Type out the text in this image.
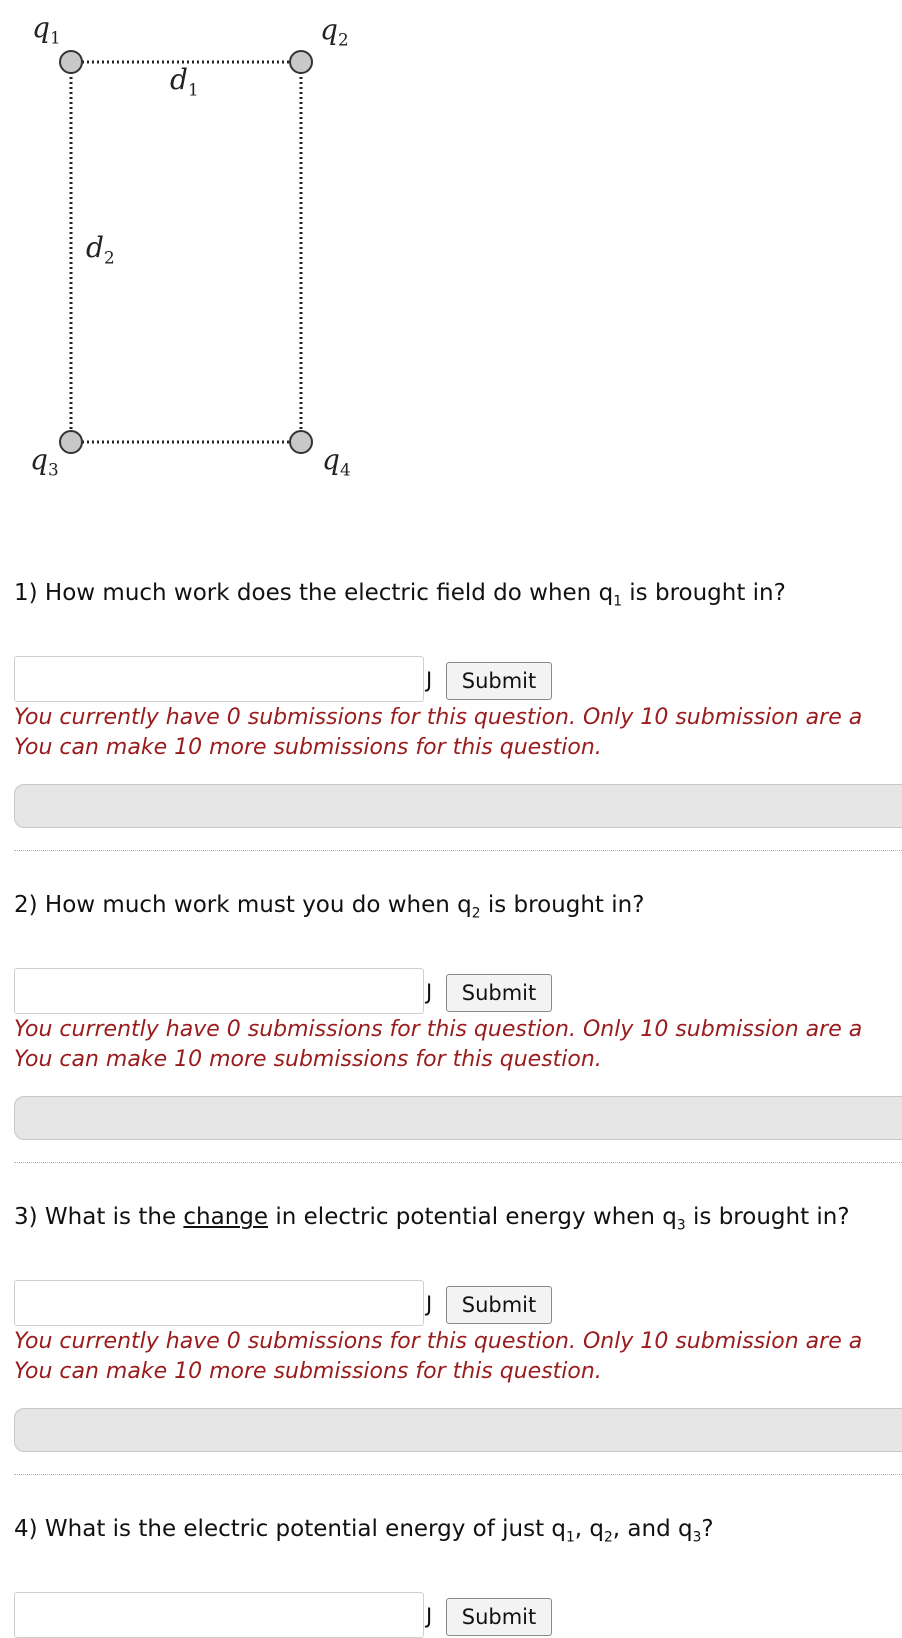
$q_1$	$q_2$
$q_3$	$q_4$
$d_1$
$d_2$
1) How much work does the electric field do when $q_1$ is brought in?
J	Submit
You currently have 0 submissions for this question. Only 10 submission are a
You can make 10 more submissions for this question.
2) How much work must you do when $q_2$ is brought in?
J	Submit
You currently have 0 submissions for this question. Only 10 submission are a
You can make 10 more submissions for this question.
3) What is the change in electric potential energy when $q_3$ is brought in?
J	Submit
You currently have 0 submissions for this question. Only 10 submission are a
You can make 10 more submissions for this question.
4) What is the electric potential energy of just $q_1$, $q_2$, and $q_3$?
J	Submit
